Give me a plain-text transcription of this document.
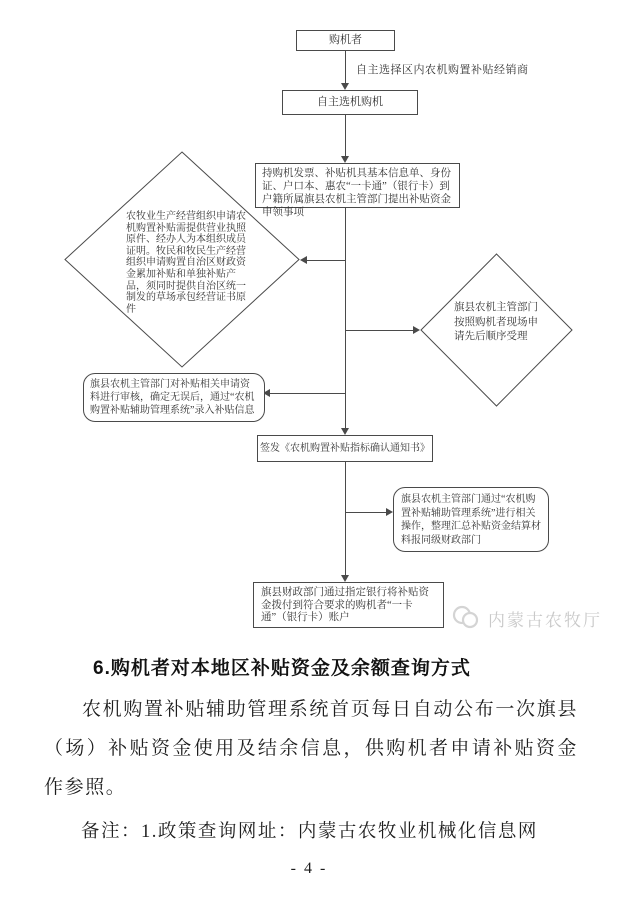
购机者
自主选择区内农机购置补贴经销商
自主选机购机
持购机发票、补贴机具基本信息单、身份证、户口本、惠农“一卡通”（银行卡）到户籍所属旗县农机主管部门提出补贴资金申领事项
农牧业生产经营组织申请农机购置补贴需提供营业执照原件、经办人为本组织成员证明。牧民和牧民生产经营组织申请购置自治区财政资金累加补贴和单独补贴产品，须同时提供自治区统一制发的草场承包经营证书原件	旗县农机主管部门按照购机者现场申请先后顺序受理
旗县农机主管部门对补贴相关申请资料进行审核，确定无误后，通过“农机购置补贴辅助管理系统”录入补贴信息
签发《农机购置补贴指标确认通知书》
旗县农机主管部门通过“农机购置补贴辅助管理系统”进行相关操作，整理汇总补贴资金结算材料报同级财政部门
旗县财政部门通过指定银行将补贴资金拨付到符合要求的购机者“一卡通”（银行卡）账户	内蒙古农牧厅
6.购机者对本地区补贴资金及余额查询方式

农机购置补贴辅助管理系统首页每日自动公布一次旗县（场）补贴资金使用及结余信息，供购机者申请补贴资金作参照。

备注：1.政策查询网址：内蒙古农牧业机械化信息网

- 4 -
